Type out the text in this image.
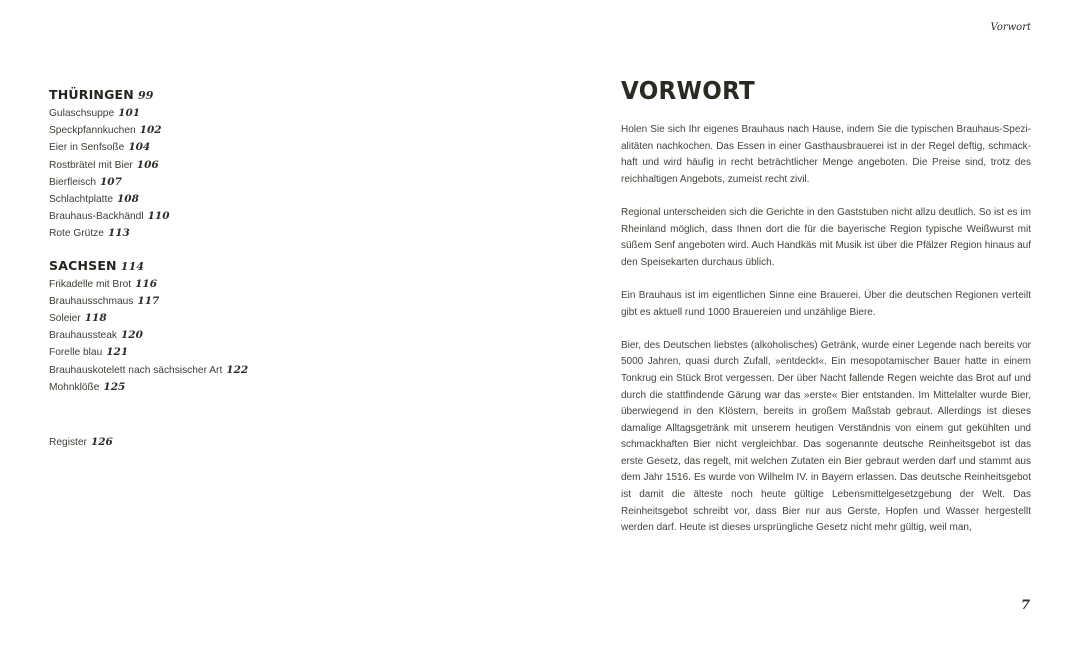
Vorwort
THÜRINGEN 99
Gulaschsuppe 101
Speckpfannkuchen 102
Eier in Senfsoße 104
Rostbrätel mit Bier 106
Bierfleisch 107
Schlachtplatte 108
Brauhaus-Backhändl 110
Rote Grütze 113
SACHSEN 114
Frikadelle mit Brot 116
Brauhausschmaus 117
Soleier 118
Brauhaussteak 120
Forelle blau 121
Brauhauskotelett nach sächsischer Art 122
Mohnklöße 125
Register 126
VORWORT

Holen Sie sich Ihr eigenes Brauhaus nach Hause, indem Sie die typischen Brauhaus-Spezialitäten nachkochen. Das Essen in einer Gasthausbrauerei ist in der Regel deftig, schmackhaft und wird häufig in recht beträchtlicher Menge angeboten. Die Preise sind, trotz des reichhaltigen Angebots, zumeist recht zivil.

Regional unterscheiden sich die Gerichte in den Gaststuben nicht allzu deutlich. So ist es im Rheinland möglich, dass Ihnen dort die für die bayerische Region typische Weißwurst mit süßem Senf angeboten wird. Auch Handkäs mit Musik ist über die Pfälzer Region hinaus auf den Speisekarten durchaus üblich.

Ein Brauhaus ist im eigentlichen Sinne eine Brauerei. Über die deutschen Regionen verteilt gibt es aktuell rund 1000 Brauereien und unzählige Biere.

Bier, des Deutschen liebstes (alkoholisches) Getränk, wurde einer Legende nach bereits vor 5000 Jahren, quasi durch Zufall, »entdeckt«. Ein mesopotamischer Bauer hatte in einem Tonkrug ein Stück Brot vergessen. Der über Nacht fallende Regen weichte das Brot auf und durch die stattfindende Gärung war das »erste« Bier entstanden. Im Mittelalter wurde Bier, überwiegend in den Klöstern, bereits in großem Maßstab gebraut. Allerdings ist dieses damalige Alltagsgetränk mit unserem heutigen Verständnis von einem gut gekühlten und schmackhaften Bier nicht vergleichbar. Das sogenannte deutsche Reinheitsgebot ist das erste Gesetz, das regelt, mit welchen Zutaten ein Bier gebraut werden darf und stammt aus dem Jahr 1516. Es wurde von Wilhelm IV. in Bayern erlassen. Das deutsche Reinheitsgebot ist damit die älteste noch heute gültige Lebensmittelgesetzgebung der Welt. Das Reinheitsgebot schreibt vor, dass Bier nur aus Gerste, Hopfen und Wasser hergestellt werden darf. Heute ist dieses ursprüngliche Gesetz nicht mehr gültig, weil man,

7
